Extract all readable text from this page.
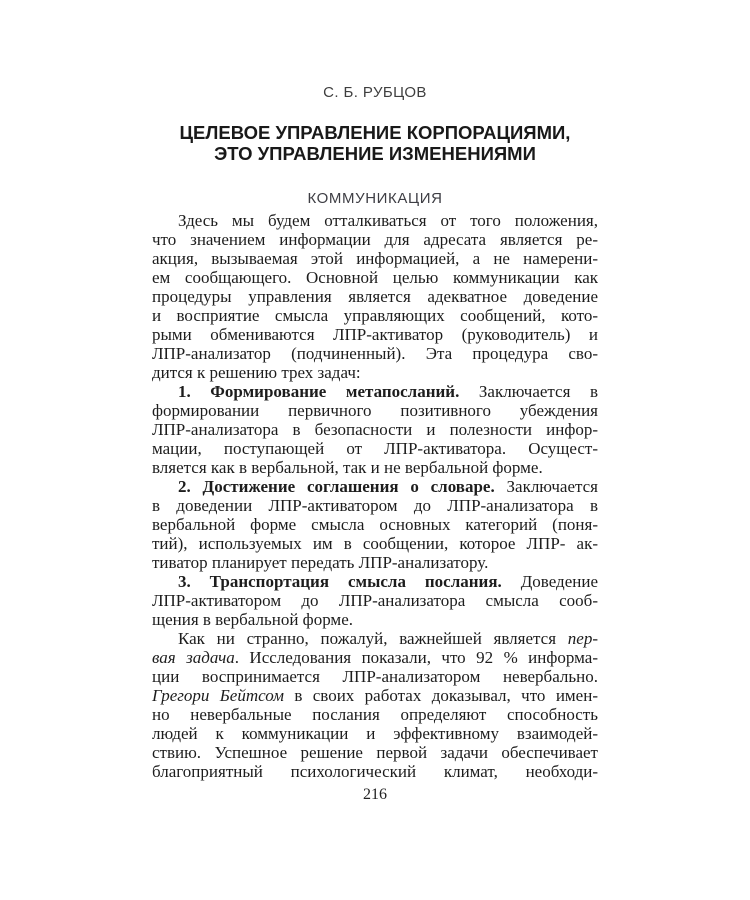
С. Б. РУБЦОВ
ЦЕЛЕВОЕ УПРАВЛЕНИЕ КОРПОРАЦИЯМИ,
ЭТО УПРАВЛЕНИЕ ИЗМЕНЕНИЯМИ
КОММУНИКАЦИЯ
Здесь мы будем отталкиваться от того положения,
что значением информации для адресата является ре-
акция, вызываемая этой информацией, а не намерени-
ем сообщающего. Основной целью коммуникации как
процедуры управления является адекватное доведение
и восприятие смысла управляющих сообщений, кото-
рыми обмениваются ЛПР-активатор (руководитель) и
ЛПР-анализатор (подчиненный). Эта процедура сво-
дится к решению трех задач:
1. Формирование метапосланий. Заключается в
формировании первичного позитивного убеждения
ЛПР-анализатора в безопасности и полезности инфор-
мации, поступающей от ЛПР-активатора. Осущест-
вляется как в вербальной, так и не вербальной форме.
2. Достижение соглашения о словаре. Заключается
в доведении ЛПР-активатором до ЛПР-анализатора в
вербальной форме смысла основных категорий (поня-
тий), используемых им в сообщении, которое ЛПР- ак-
тиватор планирует передать ЛПР-анализатору.
3. Транспортация смысла послания. Доведение
ЛПР-активатором до ЛПР-анализатора смысла сооб-
щения в вербальной форме.
Как ни странно, пожалуй, важнейшей является пер-
вая задача. Исследования показали, что 92 % информа-
ции воспринимается ЛПР-анализатором невербально.
Грегори Бейтсом в своих работах доказывал, что имен-
но невербальные послания определяют способность
людей к коммуникации и эффективному взаимодей-
ствию. Успешное решение первой задачи обеспечивает
благоприятный психологический климат, необходи-
216
